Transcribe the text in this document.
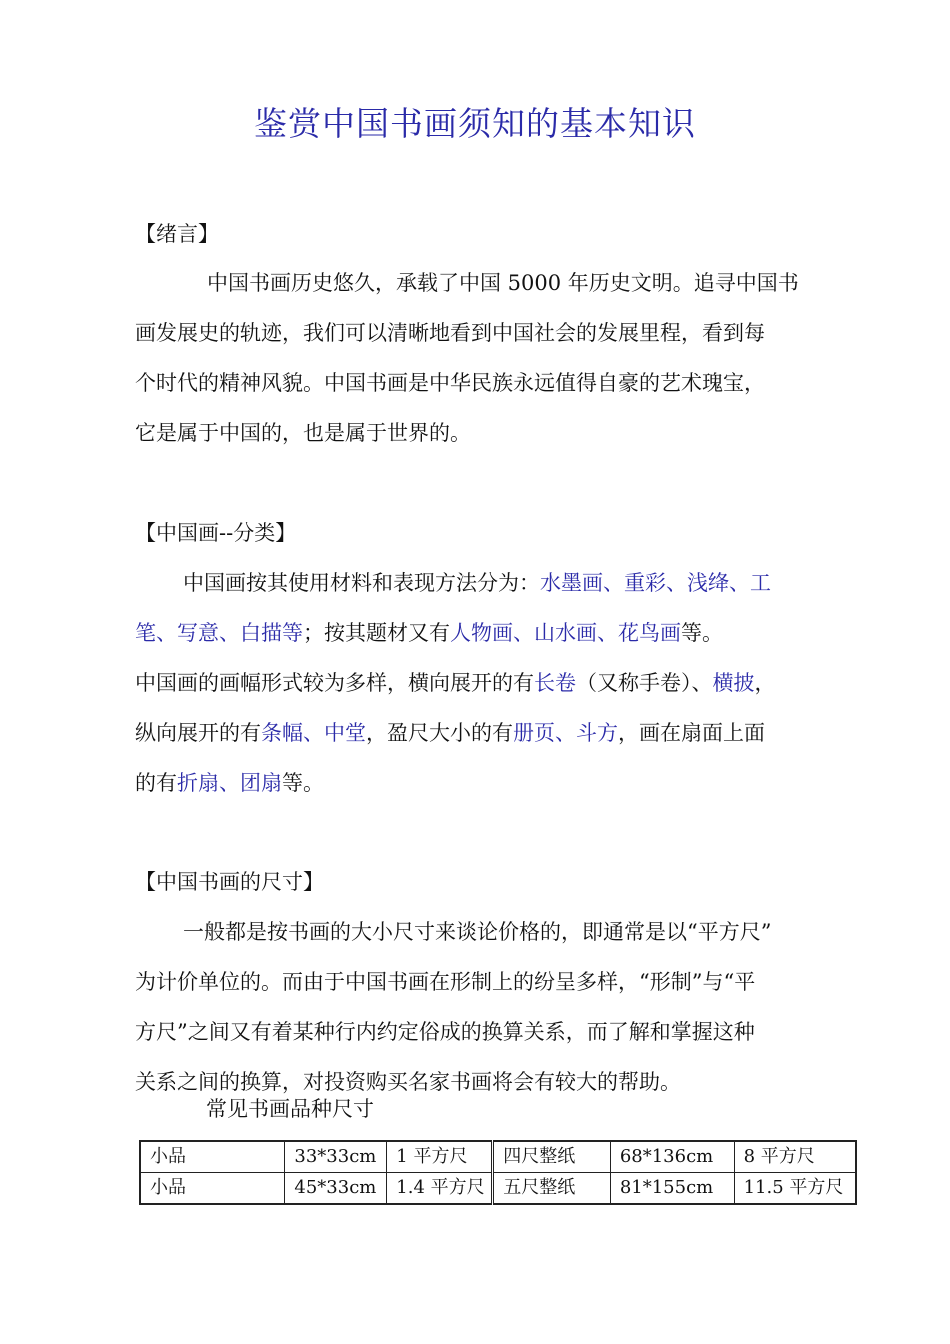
鉴赏中国书画须知的基本知识
【绪言】
中国书画历史悠久，承载了中国 5000 年历史文明。追寻中国书
画发展史的轨迹，我们可以清晰地看到中国社会的发展里程，看到每
个时代的精神风貌。中国书画是中华民族永远值得自豪的艺术瑰宝，
它是属于中国的，也是属于世界的。
【中国画--分类】
中国画按其使用材料和表现方法分为：水墨画、重彩、浅绛、工
笔、写意、白描等；按其题材又有人物画、山水画、花鸟画等。
中国画的画幅形式较为多样，横向展开的有长卷（又称手卷）、横披，
纵向展开的有条幅、中堂，盈尺大小的有册页、斗方，画在扇面上面
的有折扇、团扇等。
【中国书画的尺寸】
一般都是按书画的大小尺寸来谈论价格的，即通常是以“平方尺”
为计价单位的。而由于中国书画在形制上的纷呈多样，“形制”与“平
方尺”之间又有着某种行内约定俗成的换算关系，而了解和掌握这种
关系之间的换算，对投资购买名家书画将会有较大的帮助。
常见书画品种尺寸
小品	33*33cm	1 平方尺	四尺整纸	68*136cm	8 平方尺
小品	45*33cm	1.4 平方尺	五尺整纸	81*155cm	11.5 平方尺
